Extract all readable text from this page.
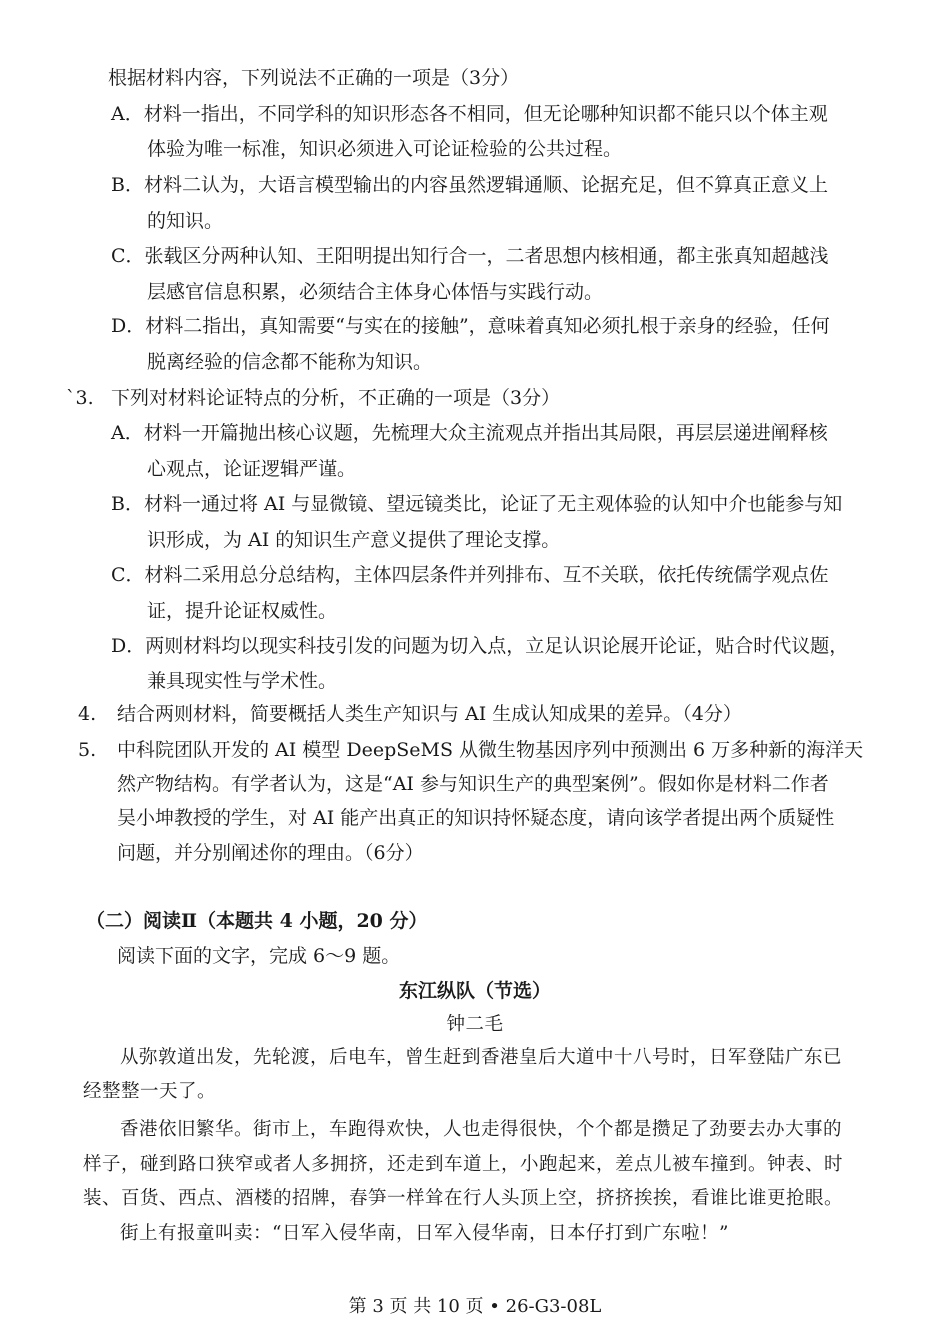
根据材料内容，下列说法不正确的一项是（3分）
A．材料一指出，不同学科的知识形态各不相同，但无论哪种知识都不能只以个体主观
体验为唯一标准，知识必须进入可论证检验的公共过程。
B．材料二认为，大语言模型输出的内容虽然逻辑通顺、论据充足，但不算真正意义上
的知识。
C．张载区分两种认知、王阳明提出知行合一，二者思想内核相通，都主张真知超越浅
层感官信息积累，必须结合主体身心体悟与实践行动。
D．材料二指出，真知需要“与实在的接触”，意味着真知必须扎根于亲身的经验，任何
脱离经验的信念都不能称为知识。
`3. 下列对材料论证特点的分析，不正确的一项是（3分）
A．材料一开篇抛出核心议题，先梳理大众主流观点并指出其局限，再层层递进阐释核
心观点，论证逻辑严谨。
B．材料一通过将 AI 与显微镜、望远镜类比，论证了无主观体验的认知中介也能参与知
识形成，为 AI 的知识生产意义提供了理论支撑。
C．材料二采用总分总结构，主体四层条件并列排布、互不关联，依托传统儒学观点佐
证，提升论证权威性。
D．两则材料均以现实科技引发的问题为切入点，立足认识论展开论证，贴合时代议题，
兼具现实性与学术性。
4. 结合两则材料，简要概括人类生产知识与 AI 生成认知成果的差异。（4分）
5. 中科院团队开发的 AI 模型 DeepSeMS 从微生物基因序列中预测出 6 万多种新的海洋天
然产物结构。有学者认为，这是“AI 参与知识生产的典型案例”。假如你是材料二作者
吴小坤教授的学生，对 AI 能产出真正的知识持怀疑态度，请向该学者提出两个质疑性
问题，并分别阐述你的理由。（6分）
（二）阅读Ⅱ（本题共 4 小题，20 分）
阅读下面的文字，完成 6～9 题。
东江纵队（节选）
钟二毛
从弥敦道出发，先轮渡，后电车，曾生赶到香港皇后大道中十八号时，日军登陆广东已
经整整一天了。
香港依旧繁华。街市上，车跑得欢快，人也走得很快，个个都是攒足了劲要去办大事的
样子，碰到路口狭窄或者人多拥挤，还走到车道上，小跑起来，差点儿被车撞到。钟表、时
装、百货、西点、酒楼的招牌，春笋一样耸在行人头顶上空，挤挤挨挨，看谁比谁更抢眼。
街上有报童叫卖：“日军入侵华南，日军入侵华南，日本仔打到广东啦！”
第 3 页 共 10 页 • 26-G3-08L
